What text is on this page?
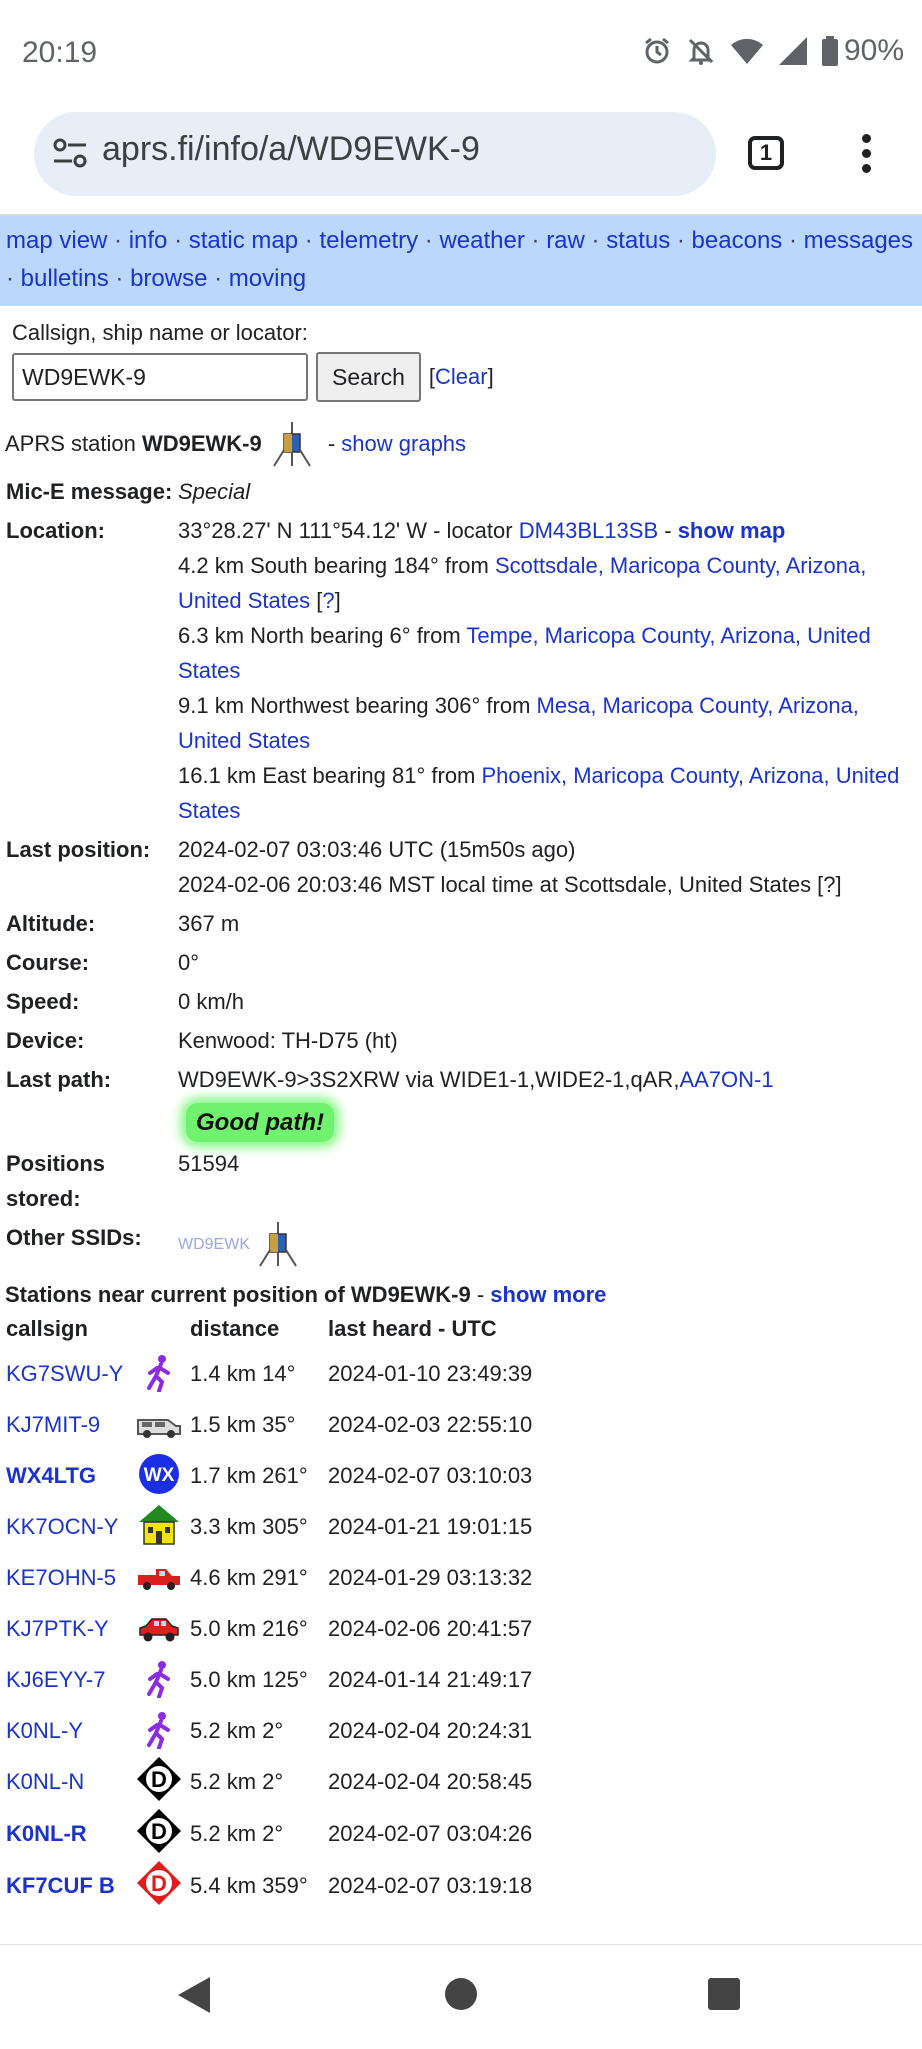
20:19	90%
aprs.fi/info/a/WD9EWK-9	1
map view · info · static map · telemetry · weather · raw · status · beacons · messages · bulletins · browse · moving
Callsign, ship name or locator:
WD9EWK-9
Search	[Clear]
APRS station WD9EWK-9	- show graphs
Mic-E message:	Special
Location:	33°28.27' N 111°54.12' W - locator DM43BL13SB - show map
4.2 km South bearing 184° from Scottsdale, Maricopa County, Arizona, United States [?]
6.3 km North bearing 6° from Tempe, Maricopa County, Arizona, United States
9.1 km Northwest bearing 306° from Mesa, Maricopa County, Arizona, United States
16.1 km East bearing 81° from Phoenix, Maricopa County, Arizona, United States
Last position:	2024-02-07 03:03:46 UTC (15m50s ago)
2024-02-06 20:03:46 MST local time at Scottsdale, United States [?]
Altitude:	367 m
Course:	0°
Speed:	0 km/h
Device:	Kenwood: TH-D75 (ht)
Last path:	WD9EWK-9>3S2XRW via WIDE1-1,WIDE2-1,qAR,AA7ON-1
Good path!
Positions stored:	51594
Other SSIDs:	WD9EWK
Stations near current position of WD9EWK-9 - show more
callsign		distance	last heard - UTC
KG7SWU-Y		1.4 km 14°	2024-01-10 23:49:39
KJ7MIT-9		1.5 km 35°	2024-02-03 22:55:10
WX4LTG	WX	1.7 km 261°	2024-02-07 03:10:03
KK7OCN-Y		3.3 km 305°	2024-01-21 19:01:15
KE7OHN-5		4.6 km 291°	2024-01-29 03:13:32
KJ7PTK-Y		5.0 km 216°	2024-02-06 20:41:57
KJ6EYY-7		5.0 km 125°	2024-01-14 21:49:17
K0NL-Y		5.2 km 2°	2024-02-04 20:24:31
K0NL-N	D	5.2 km 2°	2024-02-04 20:58:45
K0NL-R	D	5.2 km 2°	2024-02-07 03:04:26
KF7CUF B	D	5.4 km 359°	2024-02-07 03:19:18
